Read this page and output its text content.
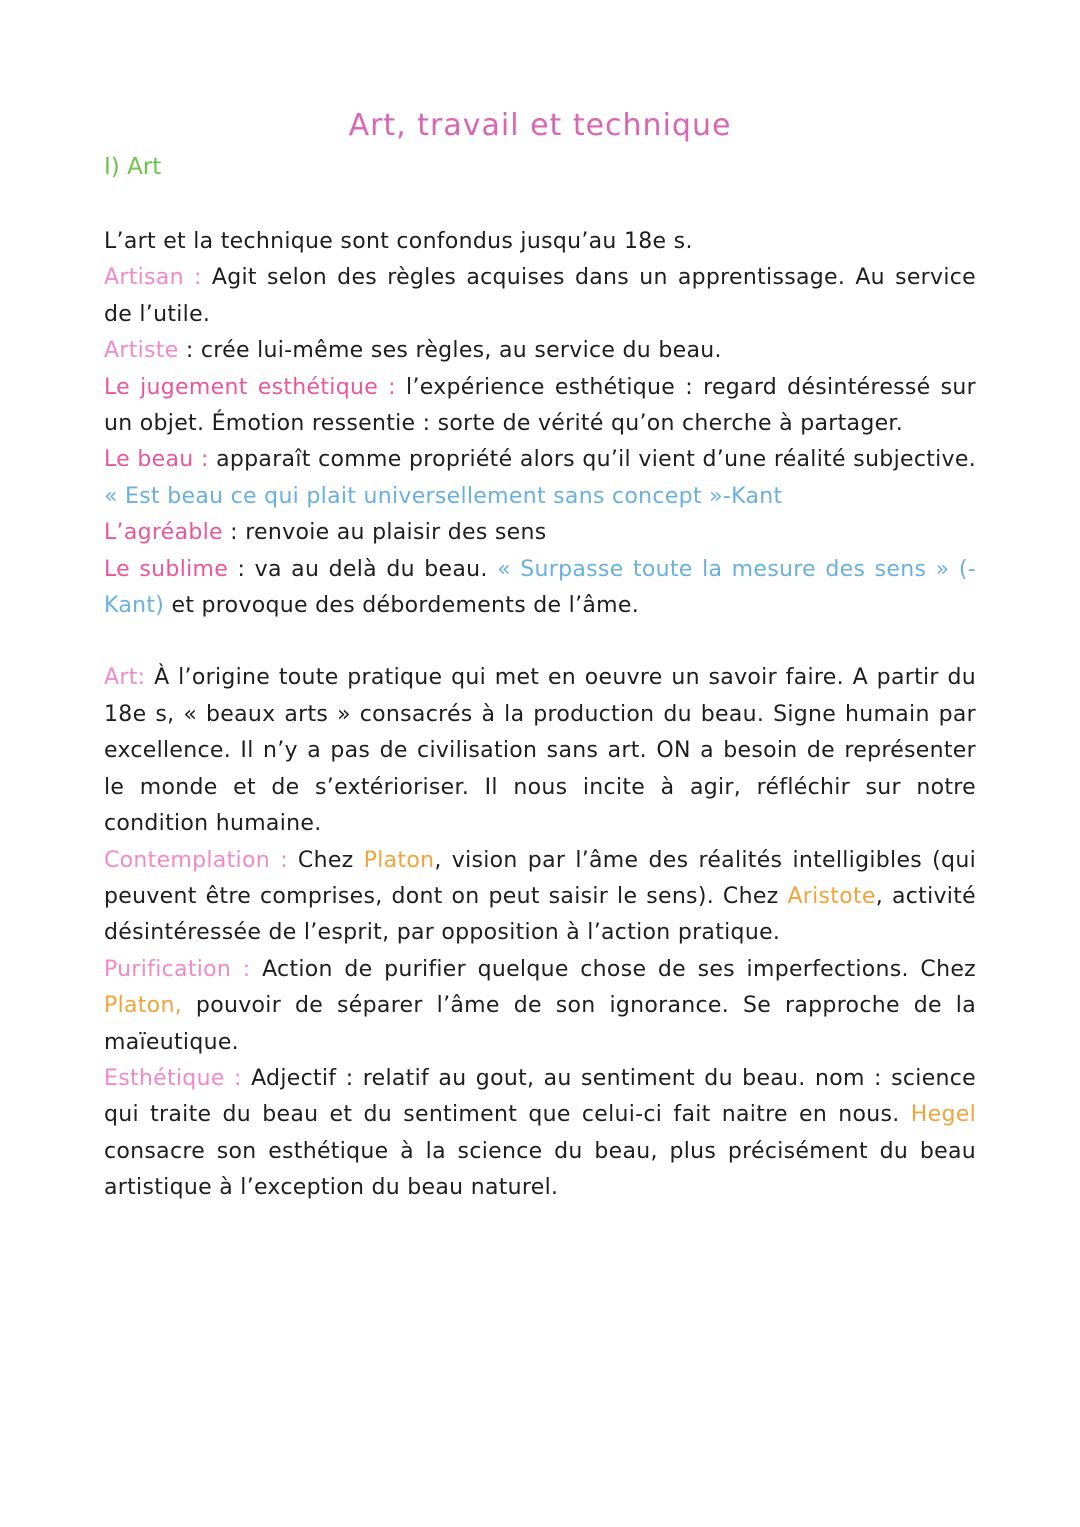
Art, travail et technique
I) Art

L’art et la technique sont confondus jusqu’au 18e s.

Artisan : Agit selon des règles acquises dans un apprentissage. Au service de l’utile.

Artiste : crée lui-même ses règles, au service du beau.

Le jugement esthétique : l’expérience esthétique : regard désintéressé sur un objet. Émotion ressentie : sorte de vérité qu’on cherche à partager.

Le beau : apparaît comme propriété alors qu’il vient d’une réalité subjective. « Est beau ce qui plait universellement sans concept »-Kant

L’agréable : renvoie au plaisir des sens

Le sublime : va au delà du beau. « Surpasse toute la mesure des sens » (-Kant) et provoque des débordements de l’âme.

Art: À l’origine toute pratique qui met en oeuvre un savoir faire. A partir du 18e s, « beaux arts » consacrés à la production du beau. Signe humain par excellence. Il n’y a pas de civilisation sans art. ON a besoin de représenter le monde et de s’extérioriser. Il nous incite à agir, réfléchir sur notre condition humaine.

Contemplation : Chez Platon, vision par l’âme des réalités intelligibles (qui peuvent être comprises, dont on peut saisir le sens). Chez Aristote, activité désintéressée de l’esprit, par opposition à l’action pratique.

Purification : Action de purifier quelque chose de ses imperfections. Chez Platon, pouvoir de séparer l’âme de son ignorance. Se rapproche de la maïeutique.

Esthétique : Adjectif : relatif au gout, au sentiment du beau. nom : science qui traite du beau et du sentiment que celui-ci fait naitre en nous. Hegel consacre son esthétique à la science du beau, plus précisément du beau artistique à l’exception du beau naturel.
